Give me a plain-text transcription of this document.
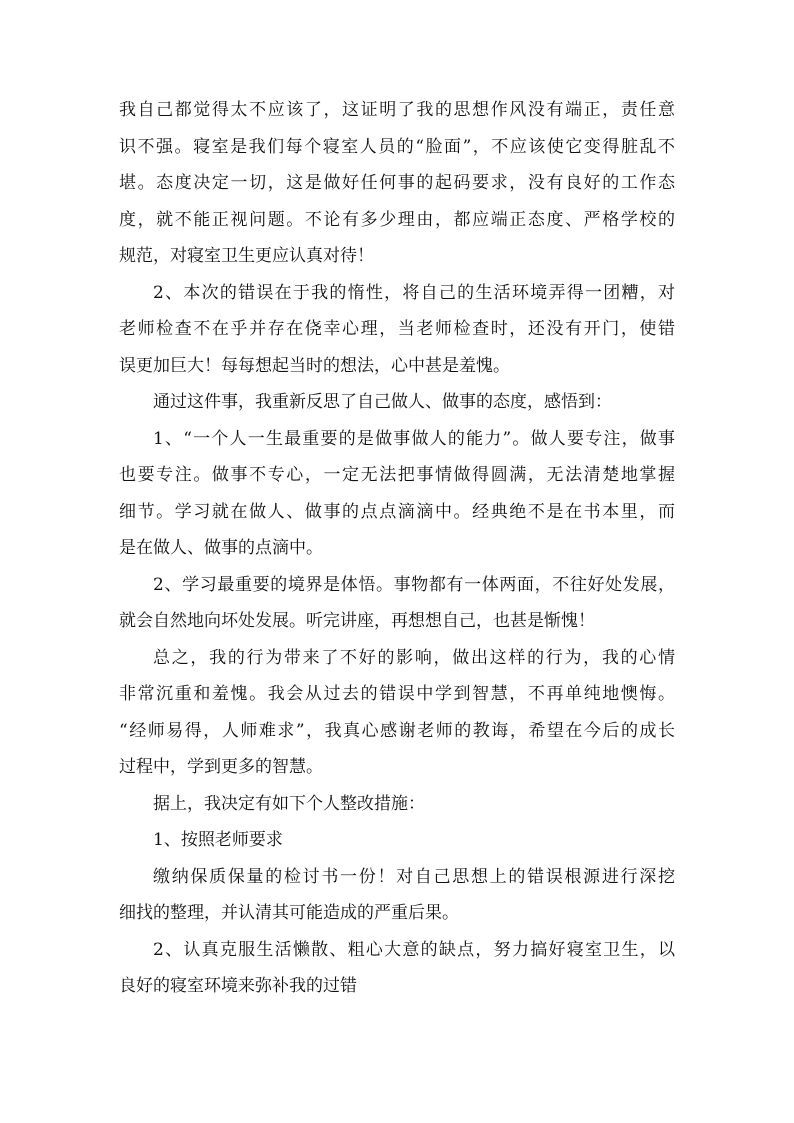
我自己都觉得太不应该了，这证明了我的思想作风没有端正，责任意
识不强。寝室是我们每个寝室人员的“脸面”，不应该使它变得脏乱不
堪。态度决定一切，这是做好任何事的起码要求，没有良好的工作态
度，就不能正视问题。不论有多少理由，都应端正态度、严格学校的
规范，对寝室卫生更应认真对待！
2、本次的错误在于我的惰性，将自己的生活环境弄得一团糟，对
老师检查不在乎并存在侥幸心理，当老师检查时，还没有开门，使错
误更加巨大！每每想起当时的想法，心中甚是羞愧。
通过这件事，我重新反思了自己做人、做事的态度，感悟到：
1、“一个人一生最重要的是做事做人的能力”。做人要专注，做事
也要专注。做事不专心，一定无法把事情做得圆满，无法清楚地掌握
细节。学习就在做人、做事的点点滴滴中。经典绝不是在书本里，而
是在做人、做事的点滴中。
2、学习最重要的境界是体悟。事物都有一体两面，不往好处发展，
就会自然地向坏处发展。听完讲座，再想想自己，也甚是惭愧！
总之，我的行为带来了不好的影响，做出这样的行为，我的心情
非常沉重和羞愧。我会从过去的错误中学到智慧，不再单纯地懊悔。
“经师易得，人师难求”，我真心感谢老师的教诲，希望在今后的成长
过程中，学到更多的智慧。
据上，我决定有如下个人整改措施：
1、按照老师要求
缴纳保质保量的检讨书一份！对自己思想上的错误根源进行深挖
细找的整理，并认清其可能造成的严重后果。
2、认真克服生活懒散、粗心大意的缺点，努力搞好寝室卫生，以
良好的寝室环境来弥补我的过错
